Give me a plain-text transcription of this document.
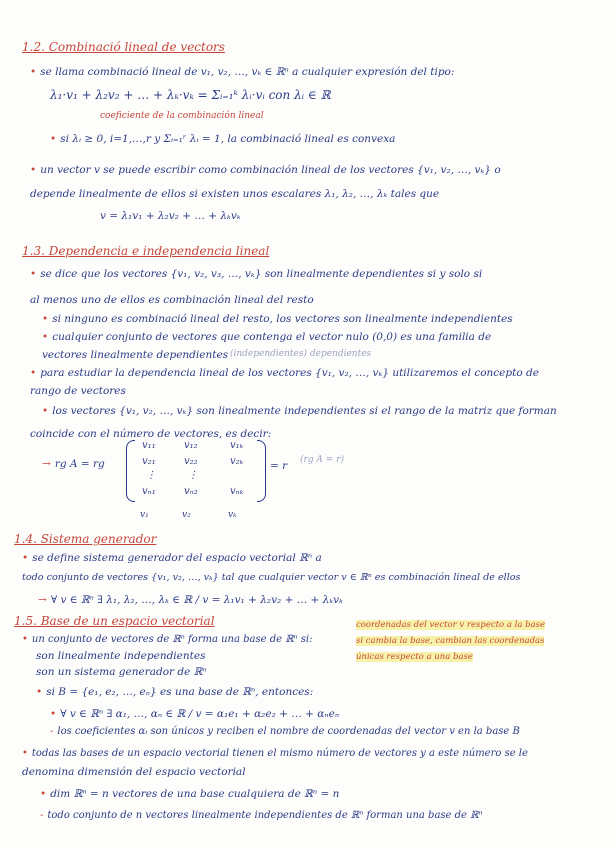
1.2. Combinació lineal de vectors
• se llama combinació lineal de v₁, v₂, …, vₖ ∈ ℝⁿ a cualquier expresión del tipo:
λ₁·v₁ + λ₂v₂ + … + λₖ·vₖ = Σᵢ₌₁ᵏ λᵢ·vᵢ con λᵢ ∈ ℝ
coeficiente de la combinación lineal
• si λᵢ ≥ 0, i=1,…,r y Σᵢ₌₁ʳ λᵢ = 1, la combinació lineal es convexa
• un vector v se puede escribir como combinación lineal de los vectores {v₁, v₂, …, vₖ} o
depende linealmente de ellos si existen unos escalares λ₁, λ₂, …, λₖ tales que
v = λ₁v₁ + λ₂v₂ + … + λₖvₖ
1.3. Dependencia e independencia lineal
• se dice que los vectores {v₁, v₂, v₃, …, vₖ} son linealmente dependientes si y solo si
al menos uno de ellos es combinación lineal del resto
• si ninguno es combinació lineal del resto, los vectores son linealmente independientes
• cualquier conjunto de vectores que contenga el vector nulo (0,0) es una familia de
vectores linealmente dependientes (independientes) dependientes
• para estudiar la dependencia lineal de los vectores {v₁, v₂, …, vₖ} utilizaremos el concepto de
rango de vectores
• los vectores {v₁, v₂, …, vₖ} son linealmente independientes si el rango de la matriz que forman
coincide con el número de vectores, es decir:
→ rg A = rg	(rg A = r)
v₁₁	v₁₂	v₁ₖ
v₂₁	v₂₂	v₂ₖ
⋮	⋮
vₙ₁	vₙ₂	vₙₖ
= r
v₁	v₂	vₖ
1.4. Sistema generador
• se define sistema generador del espacio vectorial ℝⁿ a
todo conjunto de vectores {v₁, v₂, …, vₖ} tal que cualquier vector v ∈ ℝⁿ es combinación lineal de ellos
→ ∀ v ∈ ℝⁿ ∃ λ₁, λ₂, …, λₖ ∈ ℝ / v = λ₁v₁ + λ₂v₂ + … + λₖvₖ
1.5. Base de un espacio vectorial
• un conjunto de vectores de ℝⁿ forma una base de ℝⁿ si:
coordenadas del vector v respecto a la base
si cambia la base, cambian las coordenadas
únicas respecto a una base
son linealmente independientes
son un sistema generador de ℝⁿ
• si B = {e₁, e₂, …, eₙ} es una base de ℝⁿ, entonces:
• ∀ v ∈ ℝⁿ ∃ α₁, …, αₙ ∈ ℝ / v = α₁e₁ + α₂e₂ + … + αₙeₙ
- los coeficientes αᵢ son únicos y reciben el nombre de coordenadas del vector v en la base B
• todas las bases de un espacio vectorial tienen el mismo número de vectores y a este número se le
denomina dimensión del espacio vectorial
• dim ℝⁿ = n vectores de una base cualquiera de ℝⁿ = n
- todo conjunto de n vectores linealmente independientes de ℝⁿ forman una base de ℝⁿ
